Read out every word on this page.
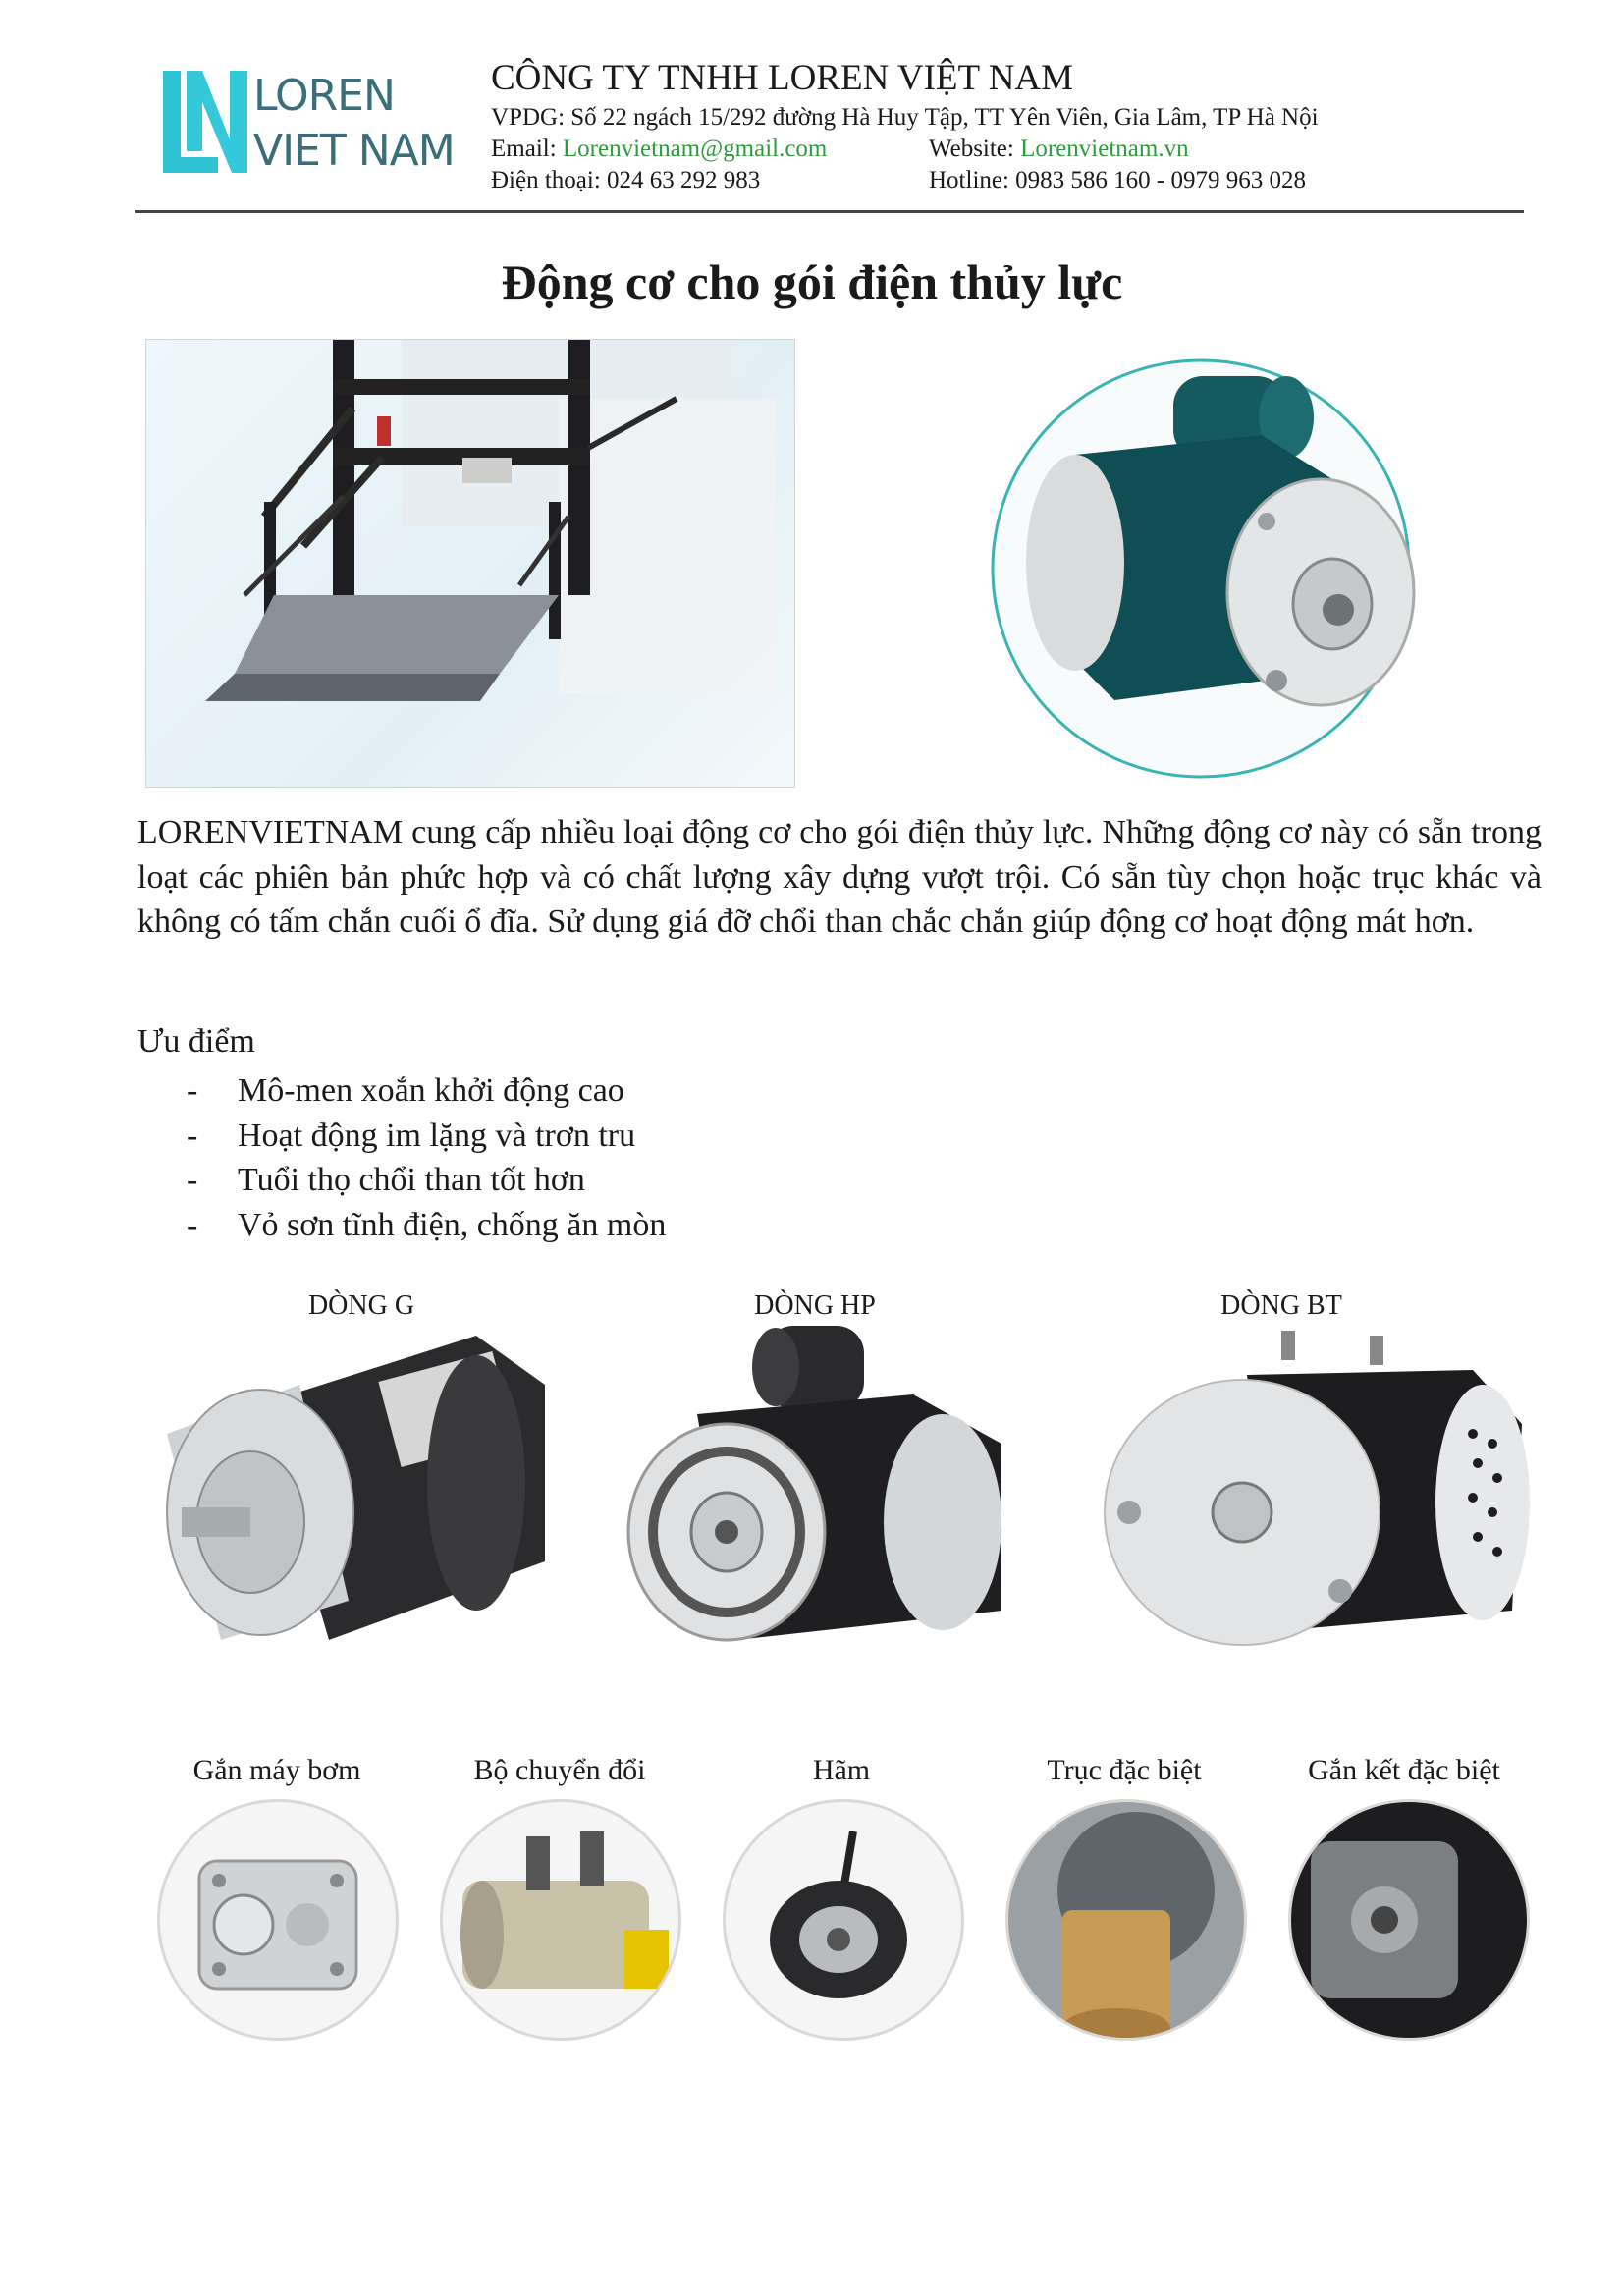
LOREN
VIET NAM
CÔNG TY TNHH LOREN VIỆT NAM
VPDG: Số 22 ngách 15/292 đường Hà Huy Tập, TT Yên Viên, Gia Lâm, TP Hà Nội
Email: Lorenvietnam@gmail.com	Website: Lorenvietnam.vn
Điện thoại: 024 63 292 983	Hotline: 0983 586 160 - 0979 963 028
Động cơ cho gói điện thủy lực
LORENVIETNAM cung cấp nhiều loại động cơ cho gói điện thủy lực. Những động cơ này có sẵn trong loạt các phiên bản phức hợp và có chất lượng xây dựng vượt trội. Có sẵn tùy chọn hoặc trục khác và không có tấm chắn cuối ổ đĩa. Sử dụng giá đỡ chổi than chắc chắn giúp động cơ hoạt động mát hơn.
Ưu điểm
- Mô-men xoắn khởi động cao
- Hoạt động im lặng và trơn tru
- Tuổi thọ chổi than tốt hơn
- Vỏ sơn tĩnh điện, chống ăn mòn
DÒNG G	DÒNG HP	DÒNG BT
Gắn máy bơm	Bộ chuyển đổi	Hãm	Trục đặc biệt	Gắn kết đặc biệt
